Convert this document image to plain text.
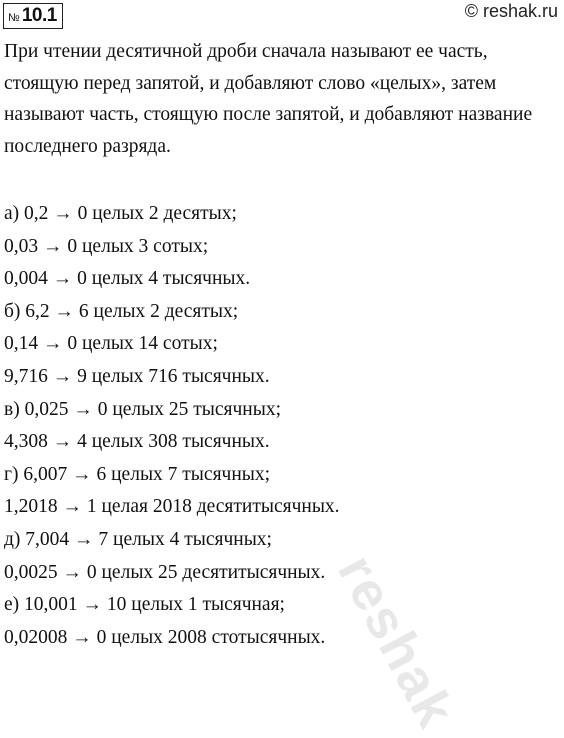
№ 10.1	© reshak.ru

При чтении десятичной дроби сначала называют ее часть, стоящую перед запятой, и добавляют слово «целых», затем называют часть, стоящую после запятой, и добавляют название последнего разряда.

а) 0,2 → 0 целых 2 десятых;
0,03 → 0 целых 3 сотых;
0,004 → 0 целых 4 тысячных.
б) 6,2 → 6 целых 2 десятых;
0,14 → 0 целых 14 сотых;
9,716 → 9 целых 716 тысячных.
в) 0,025 → 0 целых 25 тысячных;
4,308 → 4 целых 308 тысячных.
г) 6,007 → 6 целых 7 тысячных;
1,2018 → 1 целая 2018 десятитысячных.
д) 7,004 → 7 целых 4 тысячных;
0,0025 → 0 целых 25 десятитысячных.
е) 10,001 → 10 целых 1 тысячная;
0,02008 → 0 целых 2008 стотысячных. reshak
